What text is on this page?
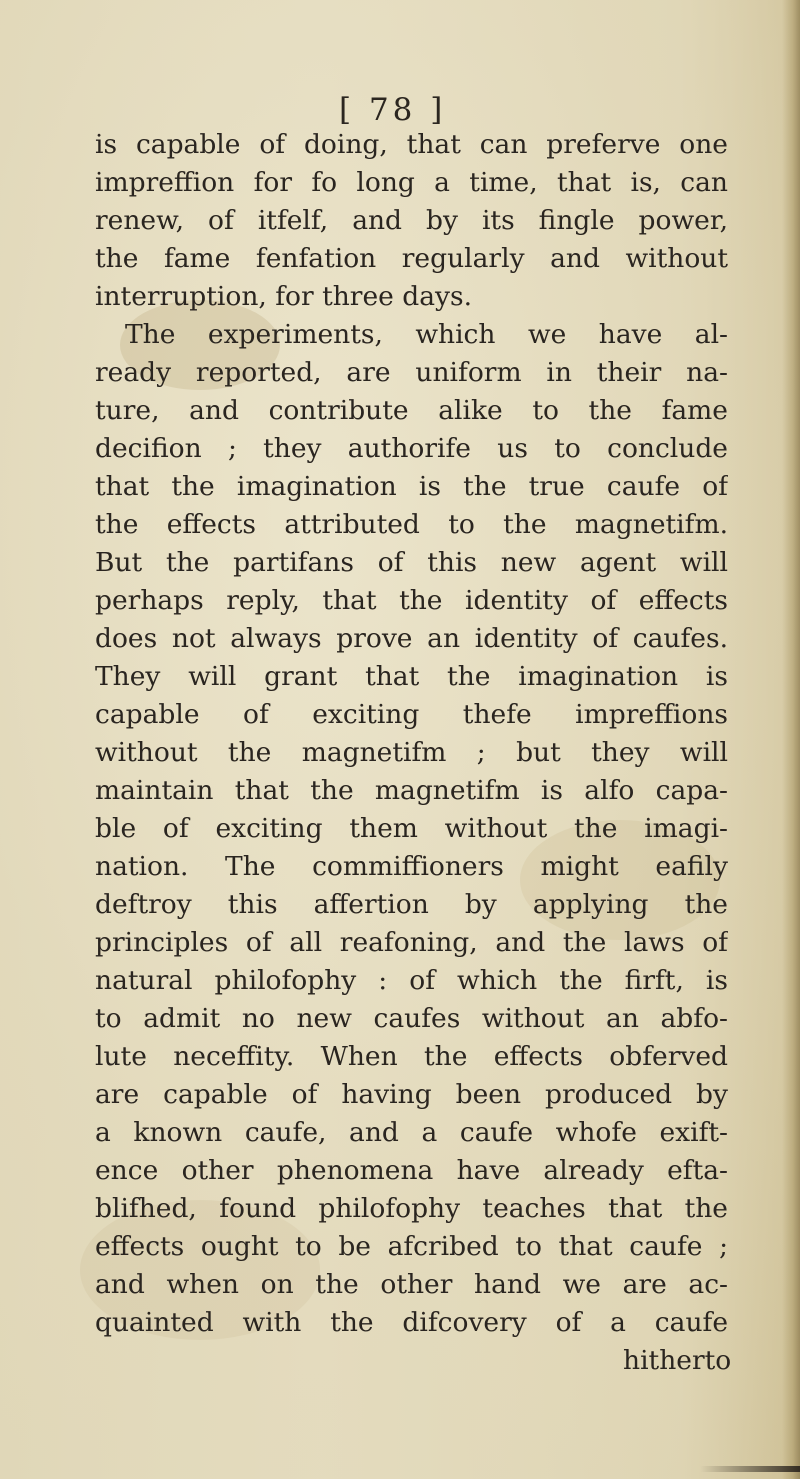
[ 78 ]
is capable of doing, that can preferve one
impreffion for fo long a time, that is, can
renew, of itfelf, and by its fingle power,
the fame fenfation regularly and without
interruption, for three days.
The experiments, which we have al-
ready reported, are uniform in their na-
ture, and contribute alike to the fame
decifion ; they authorife us to conclude
that the imagination is the true caufe of
the effects attributed to the magnetifm.
But the partifans of this new agent will
perhaps reply, that the identity of effects
does not always prove an identity of caufes.
They will grant that the imagination is
capable of exciting thefe impreffions
without the magnetifm ; but they will
maintain that the magnetifm is alfo capa-
ble of exciting them without the imagi-
nation. The commiffioners might eafily
deftroy this affertion by applying the
principles of all reafoning, and the laws of
natural philofophy : of which the firft, is
to admit no new caufes without an abfo-
lute neceffity. When the effects obferved
are capable of having been produced by
a known caufe, and a caufe whofe exift-
ence other phenomena have already efta-
blifhed, found philofophy teaches that the
effects ought to be afcribed to that caufe ;
and when on the other hand we are ac-
quainted with the difcovery of a caufe
hitherto
